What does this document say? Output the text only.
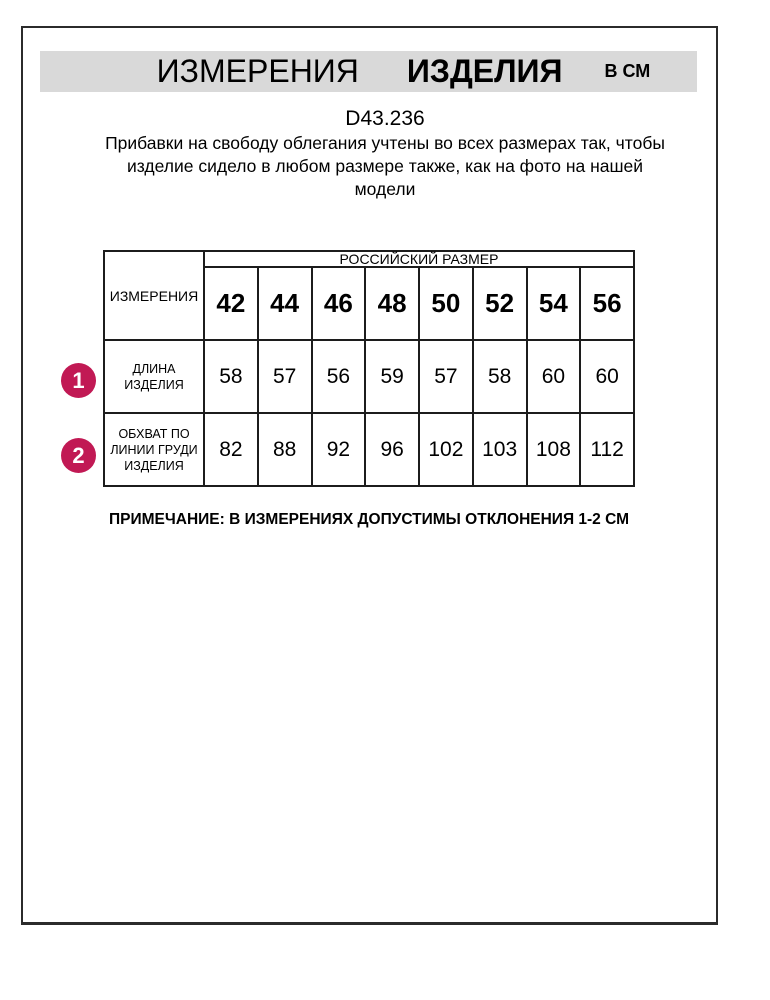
ИЗМЕРЕНИЯ ИЗДЕЛИЯ В СМ
D43.236
Прибавки на свободу облегания учтены во всех размерах так, чтобы
изделие сидело в любом размере также, как на фото на нашей
модели
ИЗМЕРЕНИЯ	РОССИЙСКИЙ РАЗМЕР							
	42	44	46	48	50	52	54	56
ДЛИНА ИЗДЕЛИЯ	58	57	56	59	57	58	60	60
ОБХВАТ ПО ЛИНИИ ГРУДИ ИЗДЕЛИЯ	82	88	92	96	102	103	108	112
1
2
ПРИМЕЧАНИЕ: В ИЗМЕРЕНИЯХ ДОПУСТИМЫ ОТКЛОНЕНИЯ 1-2 СМ
